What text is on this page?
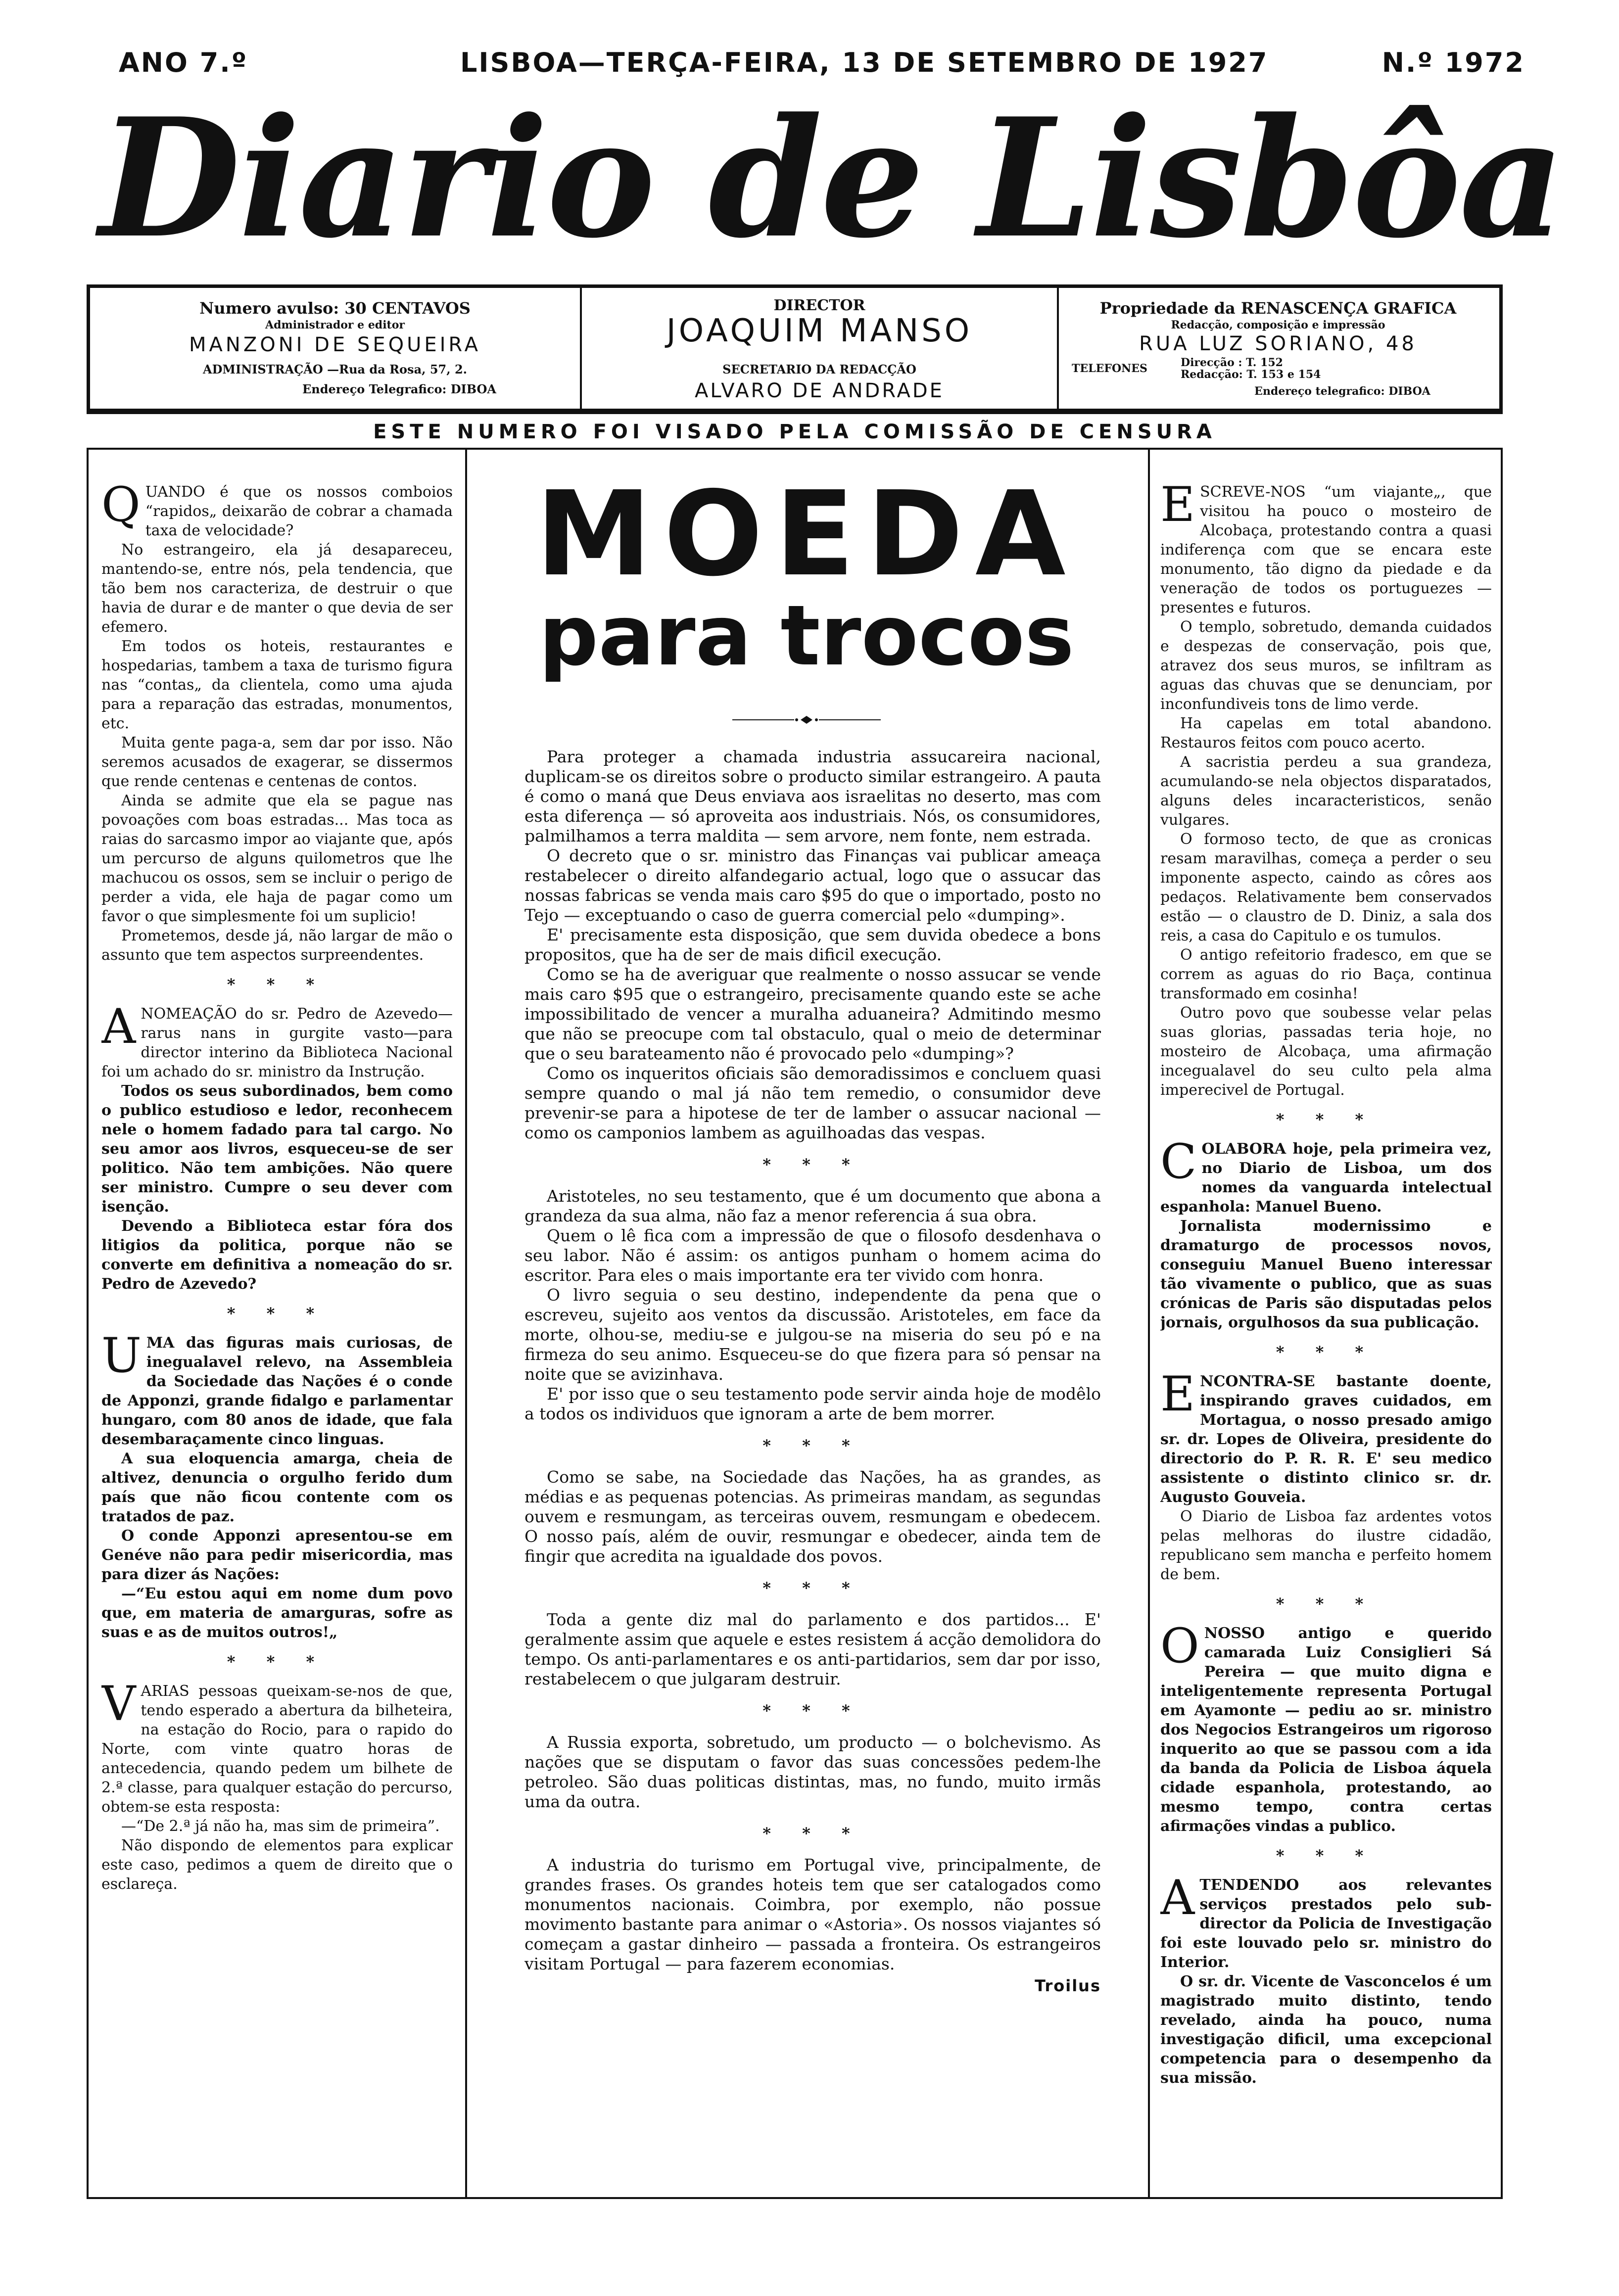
ANO 7.º	LISBOA—TERÇA-FEIRA, 13 DE SETEMBRO DE 1927	N.º 1972
Diario de Lisbôa
Numero avulso: 30 CENTAVOS
Administrador e editor
MANZONI DE SEQUEIRA
ADMINISTRAÇÃO —Rua da Rosa, 57, 2.
Endereço Telegrafico: DIBOA
DIRECTOR
JOAQUIM MANSO
SECRETARIO DA REDACÇÃO
ALVARO DE ANDRADE
Propriedade da RENASCENÇA GRAFICA
Redacção, composição e impressão
RUA LUZ SORIANO, 48
TELEFONES	Direcção : T. 152
Redacção: T. 153 e 154
Endereço telegrafico: DIBOA
ESTE NUMERO FOI VISADO PELA COMISSÃO DE CENSURA

QUANDO é que os nossos comboios “rapidos„ deixarão de cobrar a chamada taxa de velocidade?

No estrangeiro, ela já desapareceu, mantendo-se, entre nós, pela tendencia, que tão bem nos caracteriza, de destruir o que havia de durar e de manter o que devia de ser efemero.

Em todos os hoteis, restaurantes e hospedarias, tambem a taxa de turismo figura nas “contas„ da clientela, como uma ajuda para a reparação das estradas, monumentos, etc.

Muita gente paga-a, sem dar por isso. Não seremos acusados de exagerar, se dissermos que rende centenas e centenas de contos.

Ainda se admite que ela se pague nas povoações com boas estradas... Mas toca as raias do sarcasmo impor ao viajante que, após um percurso de alguns quilometros que lhe machucou os ossos, sem se incluir o perigo de perder a vida, ele haja de pagar como um favor o que simplesmente foi um suplicio!

Prometemos, desde já, não largar de mão o assunto que tem aspectos surpreendentes.

* * *

ANOMEAÇÃO do sr. Pedro de Azevedo—rarus nans in gurgite vasto—para director interino da Biblioteca Nacional foi um achado do sr. ministro da Instrução.

Todos os seus subordinados, bem como o publico estudioso e ledor, reconhecem nele o homem fadado para tal cargo. No seu amor aos livros, esqueceu-se de ser politico. Não tem ambições. Não quere ser ministro. Cumpre o seu dever com isenção.

Devendo a Biblioteca estar fóra dos litigios da politica, porque não se converte em definitiva a nomeação do sr. Pedro de Azevedo?

* * *

UMA das figuras mais curiosas, de inegualavel relevo, na Assembleia da Sociedade das Nações é o conde de Apponzi, grande fidalgo e parlamentar hungaro, com 80 anos de idade, que fala desembaraçamente cinco linguas.

A sua eloquencia amarga, cheia de altivez, denuncia o orgulho ferido dum país que não ficou contente com os tratados de paz.

O conde Apponzi apresentou-se em Genéve não para pedir misericordia, mas para dizer ás Nações:

—“Eu estou aqui em nome dum povo que, em materia de amarguras, sofre as suas e as de muitos outros!„

* * *

VARIAS pessoas queixam-se-nos de que, tendo esperado a abertura da bilheteira, na estação do Rocio, para o rapido do Norte, com vinte quatro horas de antecedencia, quando pedem um bilhete de 2.ª classe, para qualquer estação do percurso, obtem-se esta resposta:

—“De 2.ª já não ha, mas sim de primeira”.

Não dispondo de elementos para explicar este caso, pedimos a quem de direito que o esclareça.

MOEDA
para trocos

Para proteger a chamada industria assucareira nacional, duplicam-se os direitos sobre o producto similar estrangeiro. A pauta é como o maná que Deus enviava aos israelitas no deserto, mas com esta diferença — só aproveita aos industriais. Nós, os consumidores, palmilhamos a terra maldita — sem arvore, nem fonte, nem estrada.

O decreto que o sr. ministro das Finanças vai publicar ameaça restabelecer o direito alfandegario actual, logo que o assucar das nossas fabricas se venda mais caro $95 do que o importado, posto no Tejo — exceptuando o caso de guerra comercial pelo «dumping».

E' precisamente esta disposição, que sem duvida obedece a bons propositos, que ha de ser de mais dificil execução.

Como se ha de averiguar que realmente o nosso assucar se vende mais caro $95 que o estrangeiro, precisamente quando este se ache impossibilitado de vencer a muralha aduaneira? Admitindo mesmo que não se preocupe com tal obstaculo, qual o meio de determinar que o seu barateamento não é provocado pelo «dumping»?

Como os inqueritos oficiais são demoradissimos e concluem quasi sempre quando o mal já não tem remedio, o consumidor deve prevenir-se para a hipotese de ter de lamber o assucar nacional — como os camponios lambem as aguilhoadas das vespas.

* * *

Aristoteles, no seu testamento, que é um documento que abona a grandeza da sua alma, não faz a menor referencia á sua obra.

Quem o lê fica com a impressão de que o filosofo desdenhava o seu labor. Não é assim: os antigos punham o homem acima do escritor. Para eles o mais importante era ter vivido com honra.

O livro seguia o seu destino, independente da pena que o escreveu, sujeito aos ventos da discussão. Aristoteles, em face da morte, olhou-se, mediu-se e julgou-se na miseria do seu pó e na firmeza do seu animo. Esqueceu-se do que fizera para só pensar na noite que se avizinhava.

E' por isso que o seu testamento pode servir ainda hoje de modêlo a todos os individuos que ignoram a arte de bem morrer.

* * *

Como se sabe, na Sociedade das Nações, ha as grandes, as médias e as pequenas potencias. As primeiras mandam, as segundas ouvem e resmungam, as terceiras ouvem, resmungam e obedecem. O nosso país, além de ouvir, resmungar e obedecer, ainda tem de fingir que acredita na igualdade dos povos.

* * *

Toda a gente diz mal do parlamento e dos partidos... E' geralmente assim que aquele e estes resistem á acção demolidora do tempo. Os anti-parlamentares e os anti-partidarios, sem dar por isso, restabelecem o que julgaram destruir.

* * *

A Russia exporta, sobretudo, um producto — o bolchevismo. As nações que se disputam o favor das suas concessões pedem-lhe petroleo. São duas politicas distintas, mas, no fundo, muito irmãs uma da outra.

* * *

A industria do turismo em Portugal vive, principalmente, de grandes frases. Os grandes hoteis tem que ser catalogados como monumentos nacionais. Coimbra, por exemplo, não possue movimento bastante para animar o «Astoria». Os nossos viajantes só começam a gastar dinheiro — passada a fronteira. Os estrangeiros visitam Portugal — para fazerem economias.

Troilus

ESCREVE-NOS “um viajante„, que visitou ha pouco o mosteiro de Alcobaça, protestando contra a quasi indiferença com que se encara este monumento, tão digno da piedade e da veneração de todos os portuguezes — presentes e futuros.

O templo, sobretudo, demanda cuidados e despezas de conservação, pois que, atravez dos seus muros, se infiltram as aguas das chuvas que se denunciam, por inconfundiveis tons de limo verde.

Ha capelas em total abandono. Restauros feitos com pouco acerto.

A sacristia perdeu a sua grandeza, acumulando-se nela objectos disparatados, alguns deles incaracteristicos, senão vulgares.

O formoso tecto, de que as cronicas resam maravilhas, começa a perder o seu imponente aspecto, caindo as côres aos pedaços. Relativamente bem conservados estão — o claustro de D. Diniz, a sala dos reis, a casa do Capitulo e os tumulos.

O antigo refeitorio fradesco, em que se correm as aguas do rio Baça, continua transformado em cosinha!

Outro povo que soubesse velar pelas suas glorias, passadas teria hoje, no mosteiro de Alcobaça, uma afirmação incegualavel do seu culto pela alma imperecivel de Portugal.

* * *

COLABORA hoje, pela primeira vez, no Diario de Lisboa, um dos nomes da vanguarda intelectual espanhola: Manuel Bueno.

Jornalista modernissimo e dramaturgo de processos novos, conseguiu Manuel Bueno interessar tão vivamente o publico, que as suas crónicas de Paris são disputadas pelos jornais, orgulhosos da sua publicação.

* * *

ENCONTRA-SE bastante doente, inspirando graves cuidados, em Mortagua, o nosso presado amigo sr. dr. Lopes de Oliveira, presidente do directorio do P. R. R. E' seu medico assistente o distinto clinico sr. dr. Augusto Gouveia.

O Diario de Lisboa faz ardentes votos pelas melhoras do ilustre cidadão, republicano sem mancha e perfeito homem de bem.

* * *

ONOSSO antigo e querido camarada Luiz Consiglieri Sá Pereira — que muito digna e inteligentemente representa Portugal em Ayamonte — pediu ao sr. ministro dos Negocios Estrangeiros um rigoroso inquerito ao que se passou com a ida da banda da Policia de Lisboa áquela cidade espanhola, protestando, ao mesmo tempo, contra certas afirmações vindas a publico.

* * *

ATENDENDO aos relevantes serviços prestados pelo sub-director da Policia de Investigação foi este louvado pelo sr. ministro do Interior.

O sr. dr. Vicente de Vasconcelos é um magistrado muito distinto, tendo revelado, ainda ha pouco, numa investigação dificil, uma excepcional competencia para o desempenho da sua missão.
